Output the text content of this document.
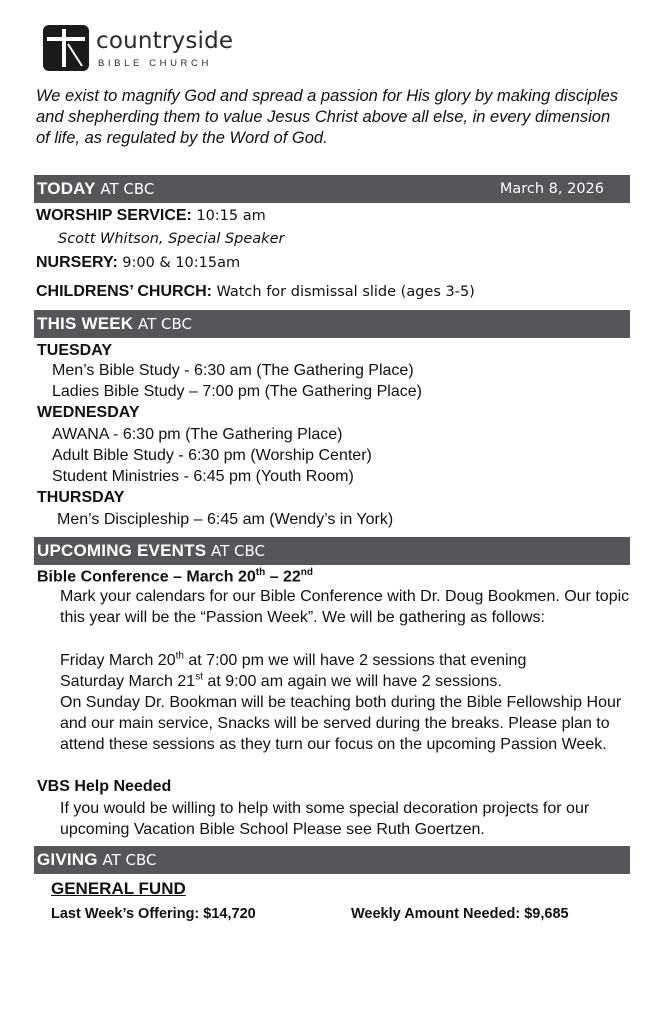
countryside
BIBLE CHURCH
We exist to magnify God and spread a passion for His glory by making disciples and shepherding them to value Jesus Christ above all else, in every dimension of life, as regulated by the Word of God.
TODAY AT CBC	March 8, 2026
WORSHIP SERVICE: 10:15 am
Scott Whitson, Special Speaker
NURSERY: 9:00 & 10:15am
CHILDRENS’ CHURCH: Watch for dismissal slide (ages 3-5)
THIS WEEK AT CBC
TUESDAY
Men’s Bible Study - 6:30 am (The Gathering Place)
Ladies Bible Study – 7:00 pm (The Gathering Place)
WEDNESDAY
AWANA - 6:30 pm (The Gathering Place)
Adult Bible Study - 6:30 pm (Worship Center)
Student Ministries - 6:45 pm (Youth Room)
THURSDAY
Men’s Discipleship – 6:45 am (Wendy’s in York)
UPCOMING EVENTS AT CBC
Bible Conference – March 20th – 22nd
Mark your calendars for our Bible Conference with Dr. Doug Bookmen. Our topic this year will be the “Passion Week”. We will be gathering as follows:
Friday March 20th at 7:00 pm we will have 2 sessions that evening
Saturday March 21st at 9:00 am again we will have 2 sessions.
On Sunday Dr. Bookman will be teaching both during the Bible Fellowship Hour and our main service, Snacks will be served during the breaks. Please plan to attend these sessions as they turn our focus on the upcoming Passion Week.
VBS Help Needed
If you would be willing to help with some special decoration projects for our upcoming Vacation Bible School Please see Ruth Goertzen.
GIVING AT CBC
GENERAL FUND
Last Week’s Offering: $14,720	Weekly Amount Needed: $9,685
